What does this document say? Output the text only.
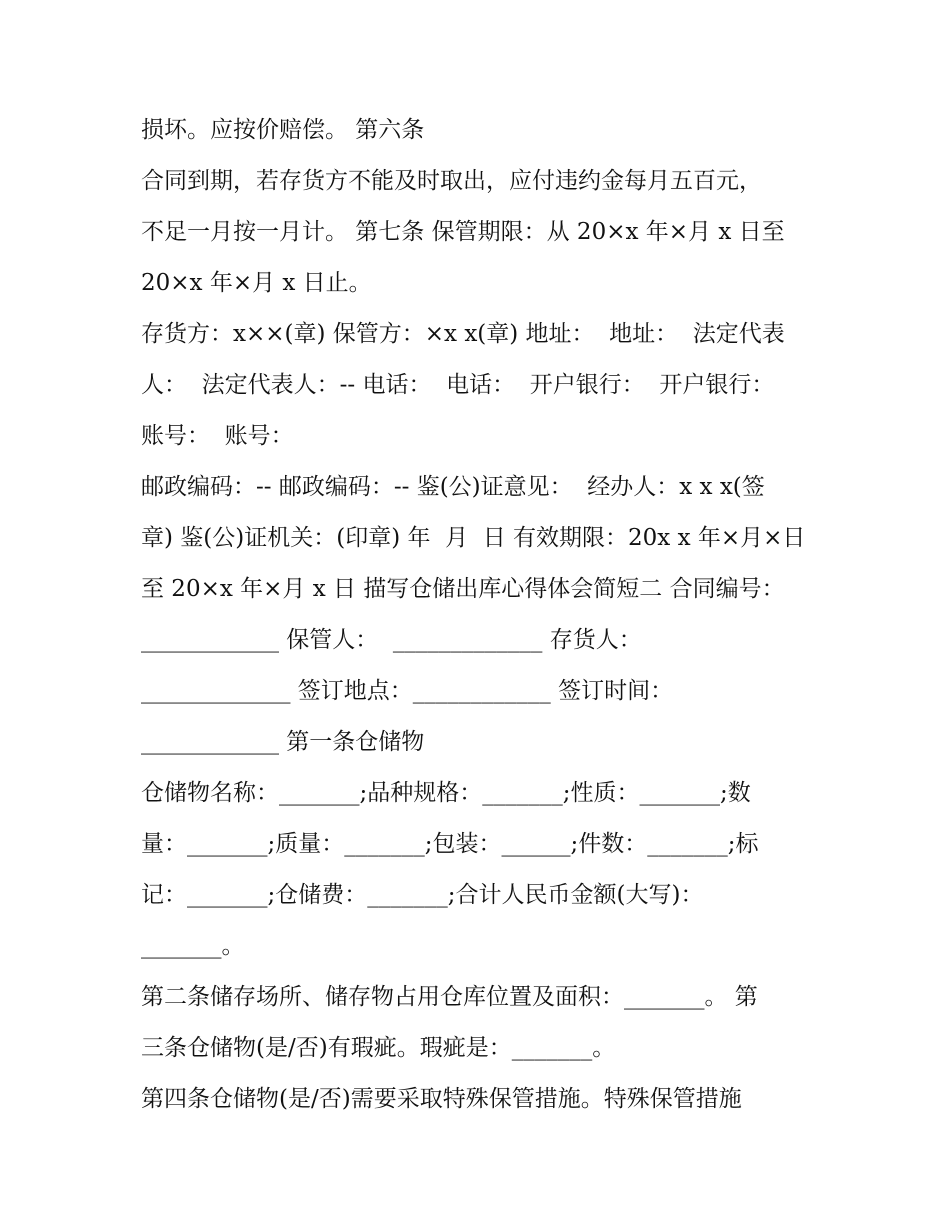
损坏。应按价赔偿。 第六条
合同到期，若存货方不能及时取出，应付违约金每月五百元，
不足一月按一月计。 第七条 保管期限：从 20×x 年×月 x 日至
20×x 年×月 x 日止。
存货方：x××(章) 保管方：×x x(章) 地址：  地址：  法定代表
人：  法定代表人：-- 电话：  电话：  开户银行：  开户银行：
账号：  账号：
邮政编码：-- 邮政编码：-- 鉴(公)证意见：  经办人：x x x(签
章) 鉴(公)证机关：(印章) 年  月  日 有效期限：20x x 年×月×日
至 20×x 年×月 x 日 描写仓储出库心得体会简短二 合同编号：
____________ 保管人：  _____________ 存货人：
_____________ 签订地点：____________ 签订时间：
____________ 第一条仓储物
仓储物名称：_______;品种规格：_______;性质：_______;数
量：_______;质量：_______;包装：______;件数：_______;标
记：_______;仓储费：_______;合计人民币金额(大写)：
_______。
第二条储存场所、储存物占用仓库位置及面积：_______。 第
三条仓储物(是/否)有瑕疵。瑕疵是：_______。
第四条仓储物(是/否)需要采取特殊保管措施。特殊保管措施
